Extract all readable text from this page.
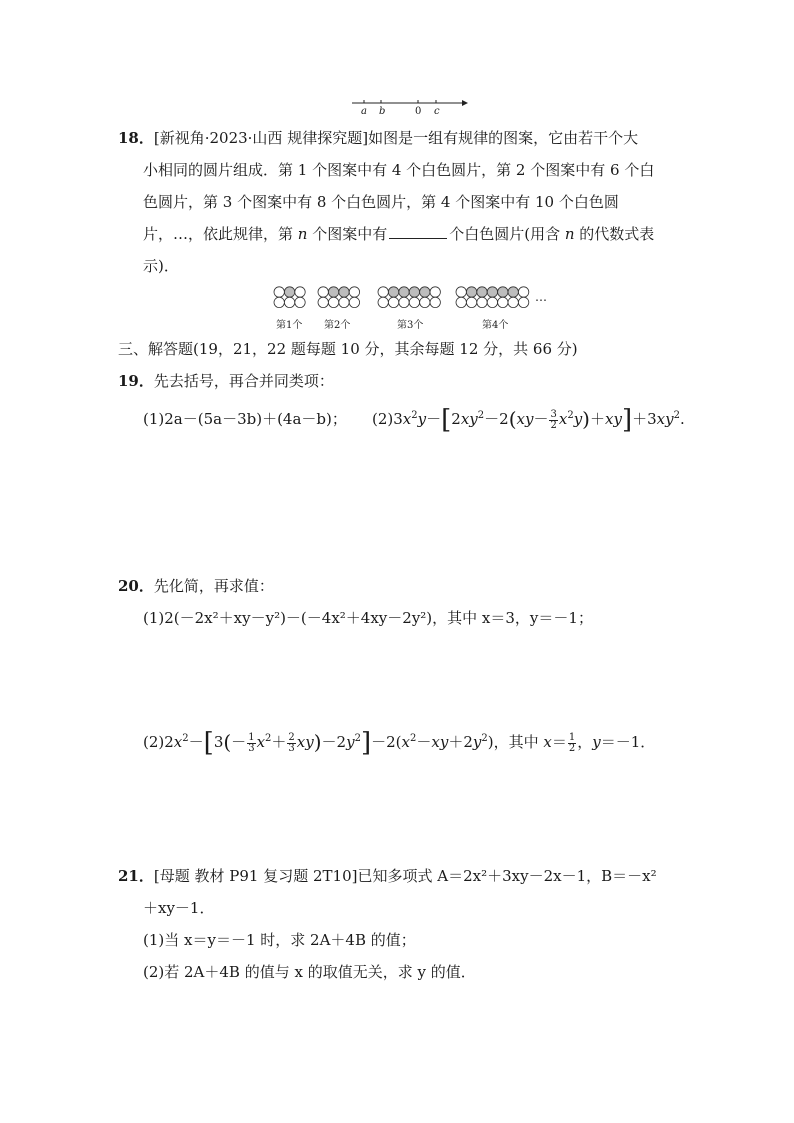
a b	0 c
18．[新视角·2023·山西 规律探究题]如图是一组有规律的图案，它由若干个大
小相同的圆片组成．第 1 个图案中有 4 个白色圆片，第 2 个图案中有 6 个白
色圆片，第 3 个图案中有 8 个白色圆片，第 4 个图案中有 10 个白色圆
片，…，依此规律，第 n 个图案中有	个白色圆片(用含 n 的代数式表
示)．
第1个 第2个	第3个	第4个
…
三、解答题(19，21，22 题每题 10 分，其余每题 12 分，共 66 分)
19．先去括号，再合并同类项：
(1)2a－(5a－3b)＋(4a－b)； $(2)3x^2y-[2xy^2-2(xy- \frac{3}{2} x^2y)+xy]+3xy^2$.
20．先化简，再求值：
(1)2(－2x²＋xy－y²)－(－4x²＋4xy－2y²)，其中 x＝3，y＝－1；
$(2)2x^2-[3(- \frac{1}{3} x^2+ \frac{2}{3} xy)-2y^2]-2(x^2-xy+2y^2)$，其中 $x= \frac{1}{2}$ ，y＝－1．
21．[母题 教材 P91 复习题 2T10]已知多项式 A＝2x²＋3xy－2x－1，B＝－x²
＋xy－1．
(1)当 x＝y＝－1 时，求 2A＋4B 的值；
(2)若 2A＋4B 的值与 x 的取值无关，求 y 的值．
